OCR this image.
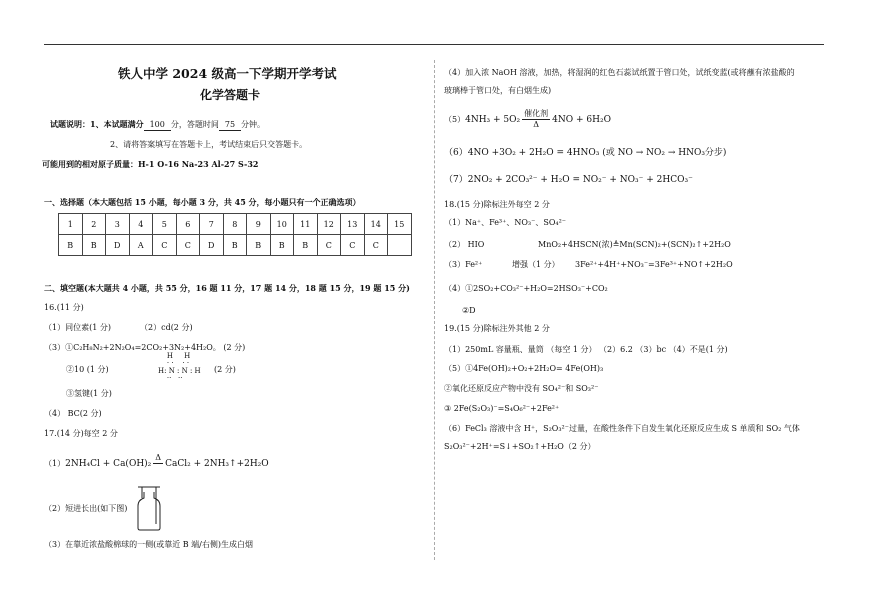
铁人中学 2024 级高一下学期开学考试
化学答题卡
试题说明：1、本试题满分 100 分，答题时间 75 分钟。
2、请将答案填写在答题卡上，考试结束后只交答题卡。
可能用到的相对原子质量：H-1 O-16 Na-23 Al-27 S-32
一、选择题（本大题包括 15 小题，每小题 3 分，共 45 分，每小题只有一个正确选项）
1	2	3	4	5	6	7	8	9	10	11	12	13	14	15
B	B	D	A	C	C	D	B	B	B	B	C	C	C	
二、填空题(本大题共 4 小题，共 55 分，16 题 11 分，17 题 14 分，18 题 15 分，19 题 15 分)
16.(11 分)
（1）同位素(1 分)	（2）cd(2 分)
（3）①C₂H₈N₂+2N₂O₄=2CO₂+3N₂+4H₂O。 (2 分)
②10 (1 分)
H     H
· ·    · ·
H: N : N : H
··   ··
(2 分)
③氢键(1 分)
（4） BC(2 分)
17.(14 分)每空 2 分
（1）2NH₄Cl + Ca(OH)₂
Δ

CaCl₂ + 2NH₃↑+2H₂O
（2）短进长出(如下图)
（3）在靠近浓盐酸棉球的一侧(或靠近 B 端/右侧)生成白烟
（4）加入浓 NaOH 溶液，加热，将湿润的红色石蕊试纸置于管口处，试纸变蓝(或将蘸有浓盐酸的
玻璃棒于管口处，有白烟生成)
（5）4NH₃ + 5O₂
催化剂
Δ	4NO + 6H₂O
（6）4NO +3O₂ + 2H₂O = 4HNO₃ (或 NO → NO₂ → HNO₃分步)
（7）2NO₂ + 2CO₃²⁻ + H₂O = NO₂⁻ + NO₃⁻ + 2HCO₃⁻
18.(15 分)除标注外每空 2 分
（1）Na⁺、Fe³⁺、NO₃⁻、SO₄²⁻
（2） HIO	MnO₂+4HSCN(浓)≜Mn(SCN)₂+(SCN)₂↑+2H₂O
（3）Fe²⁺	增强（1 分） 3Fe²⁺+4H⁺+NO₃⁻=3Fe³⁺+NO↑+2H₂O
（4）①2SO₂+CO₃²⁻+H₂O=2HSO₃⁻+CO₂
②D
19.(15 分)除标注外其他 2 分
（1）250mL 容量瓶、量筒 （每空 1 分） （2）6.2 （3）bc （4）不是(1 分)
（5）①4Fe(OH)₂+O₂+2H₂O= 4Fe(OH)₃
②氧化还原反应产物中没有 SO₄²⁻和 SO₃²⁻
③ 2Fe(S₂O₃)⁻=S₄O₆²⁻+2Fe²⁺
（6）FeCl₃ 溶液中含 H⁺，S₂O₃²⁻过量，在酸性条件下自发生氧化还原反应生成 S 单质和 SO₂ 气体
S₂O₃²⁻+2H⁺=S↓+SO₂↑+H₂O（2 分）
